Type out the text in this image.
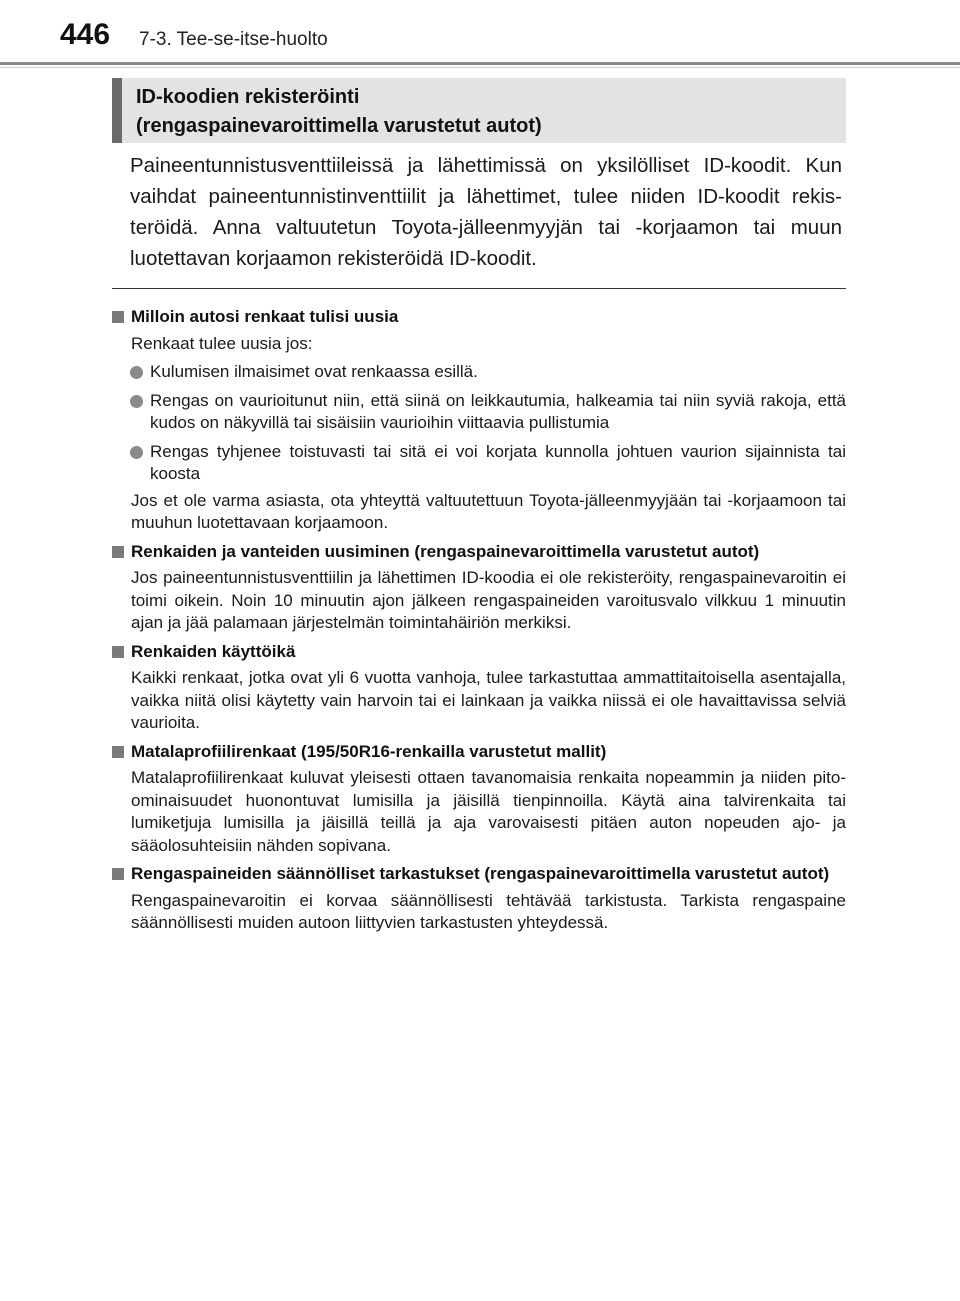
446 7-3. Tee-se-itse-huolto
ID-koodien rekisteröinti
(rengaspainevaroittimella varustetut autot)
Paineentunnistusventtiileissä ja lähettimissä on yksilölliset ID-koodit. Kun vaihdat paineentunnistinventtiilit ja lähettimet, tulee niiden ID-koodit rekisteröidä. Anna valtuutetun Toyota-jälleenmyyjän tai -korjaamon tai muun luotettavan korjaamon rekisteröidä ID-koodit.
Milloin autosi renkaat tulisi uusia
Renkaat tulee uusia jos:
Kulumisen ilmaisimet ovat renkaassa esillä.
Rengas on vaurioitunut niin, että siinä on leikkautumia, halkeamia tai niin syviä rakoja, että kudos on näkyvillä tai sisäisiin vaurioihin viittaavia pullistumia
Rengas tyhjenee toistuvasti tai sitä ei voi korjata kunnolla johtuen vaurion sijainnista tai koosta
Jos et ole varma asiasta, ota yhteyttä valtuutettuun Toyota-jälleenmyyjään tai -korjaamoon tai muuhun luotettavaan korjaamoon.
Renkaiden ja vanteiden uusiminen (rengaspainevaroittimella varustetut autot)
Jos paineentunnistusventtiilin ja lähettimen ID-koodia ei ole rekisteröity, rengaspainevaroitin ei toimi oikein. Noin 10 minuutin ajon jälkeen rengaspaineiden varoitusvalo vilkkuu 1 minuutin ajan ja jää palamaan järjestelmän toimintahäiriön merkiksi.
Renkaiden käyttöikä
Kaikki renkaat, jotka ovat yli 6 vuotta vanhoja, tulee tarkastuttaa ammattitaitoisella asentajalla, vaikka niitä olisi käytetty vain harvoin tai ei lainkaan ja vaikka niissä ei ole havaittavissa selviä vaurioita.
Matalaprofiilirenkaat (195/50R16-renkailla varustetut mallit)
Matalaprofiilirenkaat kuluvat yleisesti ottaen tavanomaisia renkaita nopeammin ja niiden pito-ominaisuudet huonontuvat lumisilla ja jäisillä tienpinnoilla. Käytä aina talvirenkaita tai lumiketjuja lumisilla ja jäisillä teillä ja aja varovaisesti pitäen auton nopeuden ajo- ja sääolosuhteisiin nähden sopivana.
Rengaspaineiden säännölliset tarkastukset (rengaspainevaroittimella varustetut autot)
Rengaspainevaroitin ei korvaa säännöllisesti tehtävää tarkistusta. Tarkista rengaspaine säännöllisesti muiden autoon liittyvien tarkastusten yhteydessä.
